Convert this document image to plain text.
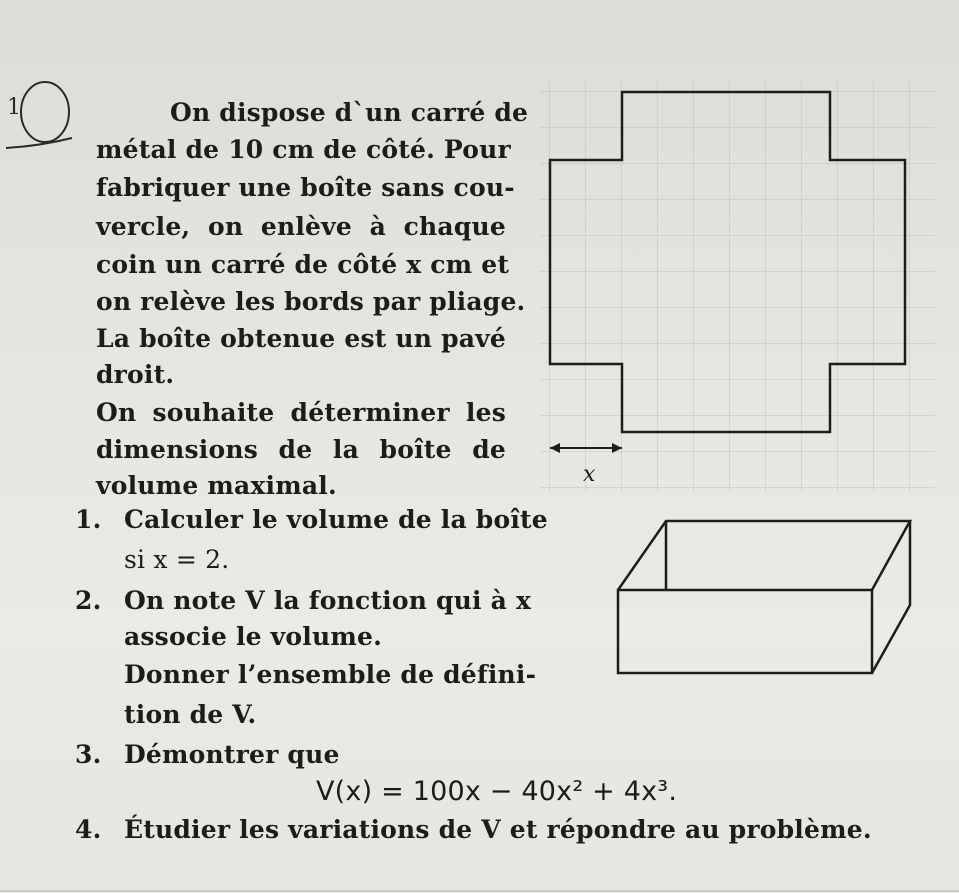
1	On dispose d`un carré de
métal de 10 cm de côté. Pour
fabriquer une boîte sans cou-
vercle, on enlève à chaque
coin un carré de côté x cm et
on relève les bords par pliage.
La boîte obtenue est un pavé
droit.
On souhaite déterminer les
dimensions de la boîte de
volume maximal.	x
1. Calculer le volume de la boîte
si x = 2.
2. On note V la fonction qui à x
associe le volume.
Donner l’ensemble de défini-
tion de V.
3. Démontrer que
V(x) = 100x − 40x² + 4x³.
4. Étudier les variations de V et répondre au problème.
